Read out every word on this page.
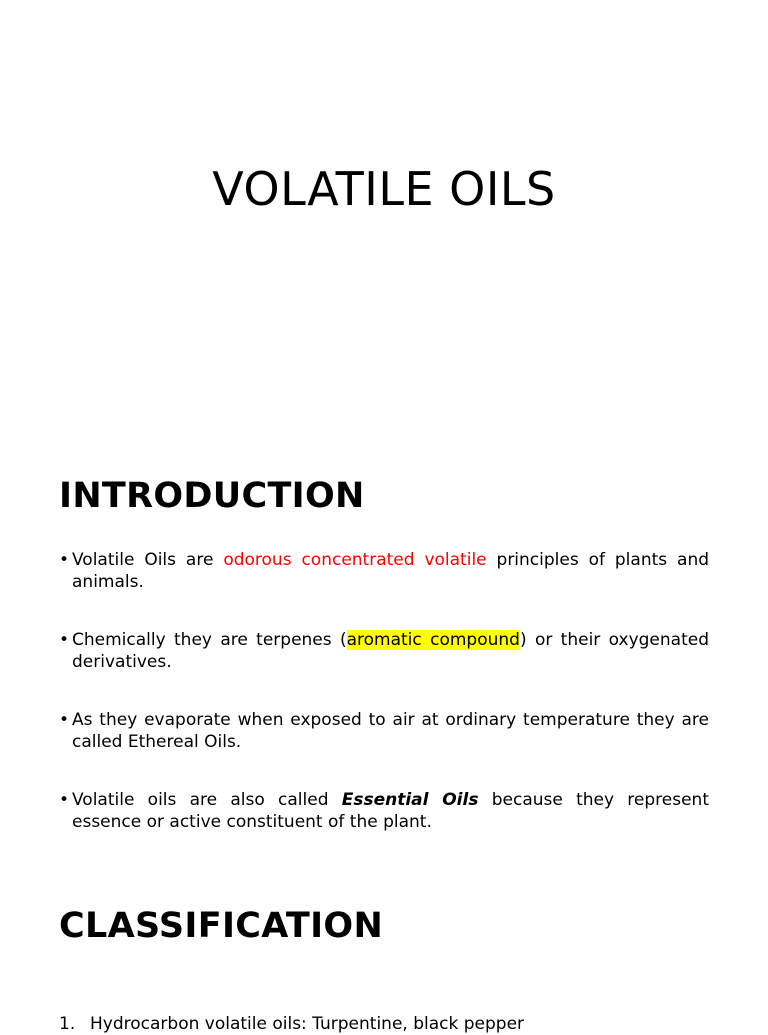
VOLATILE OILS
INTRODUCTION
• Volatile Oils are odorous concentrated volatile principles of plants and animals.
• Chemically they are terpenes (aromatic compound) or their oxygenated derivatives.
• As they evaporate when exposed to air at ordinary temperature they are called Ethereal Oils.
• Volatile oils are also called Essential Oils because they represent essence or active constituent of the plant.
CLASSIFICATION
1. Hydrocarbon volatile oils: Turpentine, black pepper
